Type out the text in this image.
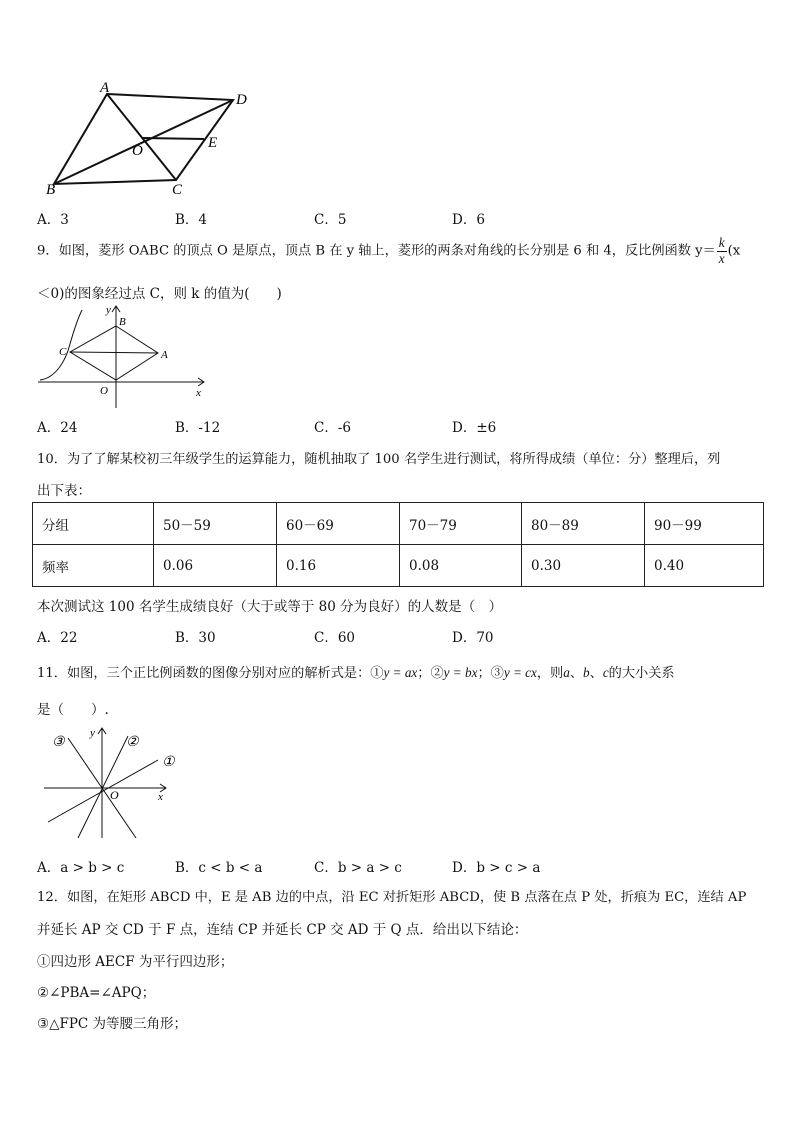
A
D
O	E
B	C
A．3	B．4	C．5	D．6
9．如图，菱形 OABC 的顶点 O 是原点，顶点 B 在 y 轴上，菱形的两条对角线的长分别是 6 和 4，反比例函数 $y= \frac{k}{x} (x$
＜0)的图象经过点 C，则 k 的值为(　　)
y
x
B
C	A
O
A．24	B．-12	C．-6	D．±6
10．为了了解某校初三年级学生的运算能力，随机抽取了 100 名学生进行测试，将所得成绩（单位：分）整理后，列
出下表：
分组	50－59	60－69	70－79	80－89	90－99
频率	0.06	0.16	0.08	0.30	0.40
本次测试这 100 名学生成绩良好（大于或等于 80 分为良好）的人数是（　）
A．22	B．30	C．60	D．70
11．如图，三个正比例函数的图像分别对应的解析式是：①y = ax；②y = bx；③y = cx，则a、b、c的大小关系
是（　　）.
③	②
①
y
x
O
A．a > b > c	B．c < b < a	C．b > a > c	D．b > c > a
12．如图，在矩形 ABCD 中，E 是 AB 边的中点，沿 EC 对折矩形 ABCD，使 B 点落在点 P 处，折痕为 EC，连结 AP
并延长 AP 交 CD 于 F 点，连结 CP 并延长 CP 交 AD 于 Q 点．给出以下结论：
①四边形 AECF 为平行四边形；
②∠PBA=∠APQ；
③△FPC 为等腰三角形；
